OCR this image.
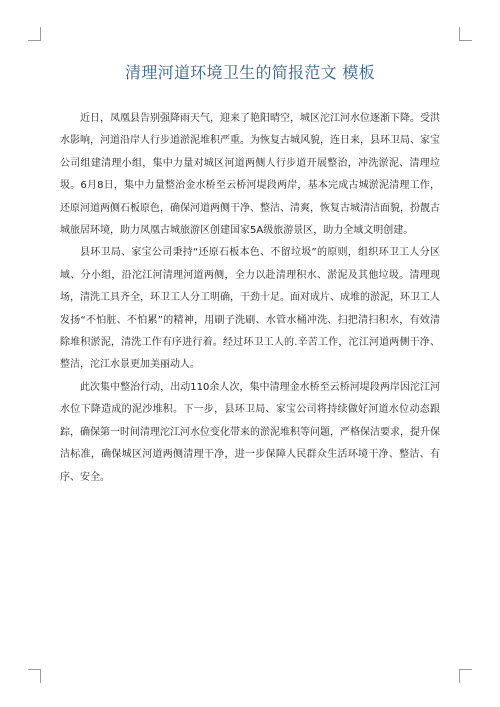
清理河道环境卫生的简报范文 模板

近日，凤凰县告别强降雨天气，迎来了艳阳晴空，城区沱江河水位逐渐下降。受洪水影响，河道沿岸人行步道淤泥堆积严重。为恢复古城风貌，连日来，县环卫局、家宝公司组建清理小组，集中力量对城区河道两侧人行步道开展整治，冲洗淤泥、清理垃圾。6月8日，集中力量整治金水桥至云桥河堤段两岸，基本完成古城淤泥清理工作，还原河道两侧石板原色，确保河道两侧干净、整洁、清爽，恢复古城清洁面貌，扮靓古城旅居环境，助力凤凰古城旅游区创建国家5A级旅游景区，助力全域文明创建。

县环卫局、家宝公司秉持“还原石板本色、不留垃圾”的原则，组织环卫工人分区域、分小组，沿沱江河清理河道两侧，全力以赴清理积水、淤泥及其他垃圾。清理现场，清洗工具齐全，环卫工人分工明确，干劲十足。面对成片、成堆的淤泥，环卫工人发扬“不怕脏、不怕累”的精神，用刷子洗刷、水管水桶冲洗、扫把清扫积水，有效清除堆积淤泥，清洗工作有序进行着。经过环卫工人的.辛苦工作，沱江河道两侧干净、整洁，沱江水景更加美丽动人。

此次集中整治行动，出动110余人次，集中清理金水桥至云桥河堤段两岸因沱江河水位下降造成的泥沙堆积。下一步，县环卫局、家宝公司将持续做好河道水位动态跟踪，确保第一时间清理沱江河水位变化带来的淤泥堆积等问题，严格保洁要求，提升保洁标准，确保城区河道两侧清理干净，进一步保障人民群众生活环境干净、整洁、有序、安全。
